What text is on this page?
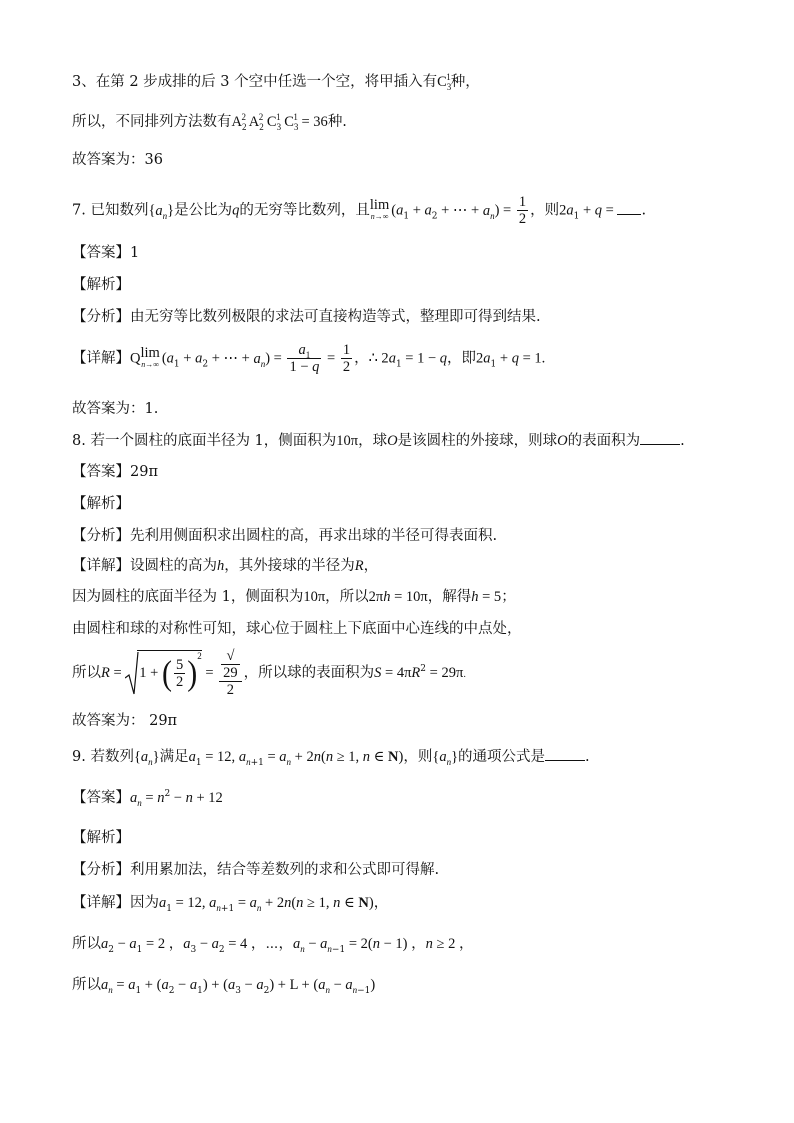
3、在第 2 步成排的后 3 个空中任选一个空，将甲插入有$C_3^1$种，
所以，不同排列方法数有$A_2^2$ $A_2^2$ $C_3^1$ $C_3^1 = 36$种.
故答案为：36
7. 已知数列$\{a_n\}$是公比为q的无穷等比数列，且 lim
n→∞ ($a_1 + a_2$ + ⋯ + $a_n) = \frac{1}{2}$ ，则$2a_1 + q$ = .
【答案】1
【解析】
【分析】由无穷等比数列极限的求法可直接构造等式，整理即可得到结果.
【详解】Q lim
n→∞ ($a_1 + a_2$ + ⋯ + $a_n) = \frac{a_1}{1 - q} = \frac{1}{2}$ ，∴ $2a_1 = 1 - q$，即$2a_1 + q = 1$.
故答案为：1.
8. 若一个圆柱的底面半径为 1，侧面积为10π，球O是该圆柱的外接球，则球O的表面积为	.
【答案】29π
【解析】
【分析】先利用侧面积求出圆柱的高，再求出球的半径可得表面积.
【详解】设圆柱的高为h，其外接球的半径为R，
因为圆柱的底面半径为 1，侧面积为10π，所以2πh = 10π，解得h = 5；
由圆柱和球的对称性可知，球心位于圆柱上下底面中心连线的中点处，
所以R =
1 + ( $\frac{5}{2} )^2$ = √
29
2 ，所以球的表面积为$S = 4\pi R^2 = 29\pi$.
故答案为： 29π
9. 若数列$\{a_n\}$满足$a_1 = 12$, $a_{n+1} = a_n + 2n(n \ge 1$, n ∈ N)，则$\{a_n\}$的通项公式是	.
【答案】$a_n = n^2 - n + 12$
【解析】
【分析】利用累加法，结合等差数列的求和公式即可得解.
【详解】因为$a_1 = 12$, $a_{n+1} = a_n + 2n(n \ge 1$, n ∈ N)，
所以$a_2 - a_1 = 2$ ，$a_3 - a_2 = 4$ ，⋯，$a_n - a_{n-1} = 2(n - 1)$ ，n ≥ 2 ，
所以$a_n = a_1 + (a_2 - a_1) + (a_3 - a_2) + L + (a_n - a_{n-1})$
